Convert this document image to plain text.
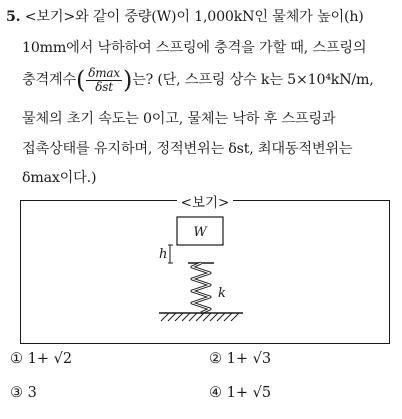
5. <보기>와 같이 중량(W)이 1,000kN인 물체가 높이(h)
10mm에서 낙하하여 스프링에 충격을 가할 때, 스프링의
충격계수( $\frac{\delta\max}{\text{δst}}$ )는? (단, 스프링 상수 k는 5×10⁴kN/m,
물체의 초기 속도는 0이고, 물체는 낙하 후 스프링과
접촉상태를 유지하며, 정적변위는 δst, 최대동적변위는
δmax이다.)
<보기>
W
h
k
① 1+ √2	② 1+ √3
③ 3	④ 1+ √5
